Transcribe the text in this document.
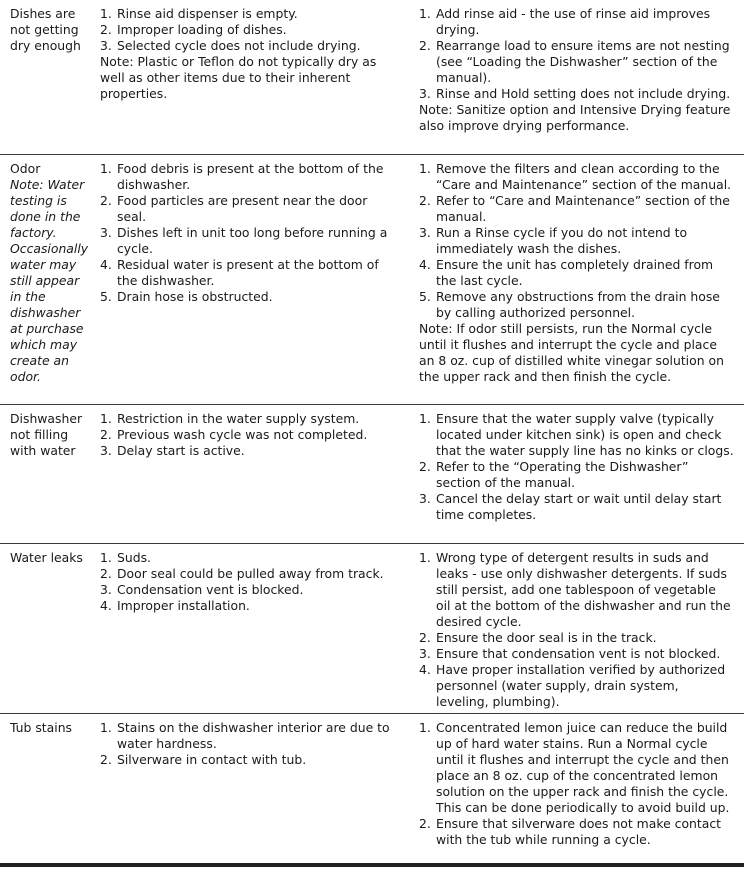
Dishes are not getting dry enough
1. Rinse aid dispenser is empty.
2. Improper loading of dishes.
3. Selected cycle does not include drying.
Note: Plastic or Teflon do not typically dry as well as other items due to their inherent properties.
1. Add rinse aid - the use of rinse aid improves drying.
2. Rearrange load to ensure items are not nesting (see “Loading the Dishwasher” section of the manual).
3. Rinse and Hold setting does not include drying.
Note: Sanitize option and Intensive Drying feature also improve drying performance.
Odor
Note: Water testing is done in the factory. Occasionally water may still appear in the dishwasher at purchase which may create an odor.
1. Food debris is present at the bottom of the dishwasher.
2. Food particles are present near the door seal.
3. Dishes left in unit too long before running a cycle.
4. Residual water is present at the bottom of the dishwasher.
5. Drain hose is obstructed.
1. Remove the filters and clean according to the “Care and Maintenance” section of the manual.
2. Refer to “Care and Maintenance” section of the manual.
3. Run a Rinse cycle if you do not intend to immediately wash the dishes.
4. Ensure the unit has completely drained from the last cycle.
5. Remove any obstructions from the drain hose by calling authorized personnel.
Note: If odor still persists, run the Normal cycle until it flushes and interrupt the cycle and place an 8 oz. cup of distilled white vinegar solution on the upper rack and then finish the cycle.
Dishwasher not filling with water
1. Restriction in the water supply system.
2. Previous wash cycle was not completed.
3. Delay start is active.
1. Ensure that the water supply valve (typically located under kitchen sink) is open and check that the water supply line has no kinks or clogs.
2. Refer to the “Operating the Dishwasher” section of the manual.
3. Cancel the delay start or wait until delay start time completes.
Water leaks	1. Suds.
2. Door seal could be pulled away from track.
3. Condensation vent is blocked.
4. Improper installation.
1. Wrong type of detergent results in suds and leaks - use only dishwasher detergents. If suds still persist, add one tablespoon of vegetable oil at the bottom of the dishwasher and run the desired cycle.
2. Ensure the door seal is in the track.
3. Ensure that condensation vent is not blocked.
4. Have proper installation verified by authorized personnel (water supply, drain system, leveling, plumbing).
Tub stains	1. Stains on the dishwasher interior are due to water hardness.
2. Silverware in contact with tub.
1. Concentrated lemon juice can reduce the build up of hard water stains. Run a Normal cycle until it flushes and interrupt the cycle and then place an 8 oz. cup of the concentrated lemon solution on the upper rack and finish the cycle. This can be done periodically to avoid build up.
2. Ensure that silverware does not make contact with the tub while running a cycle.
